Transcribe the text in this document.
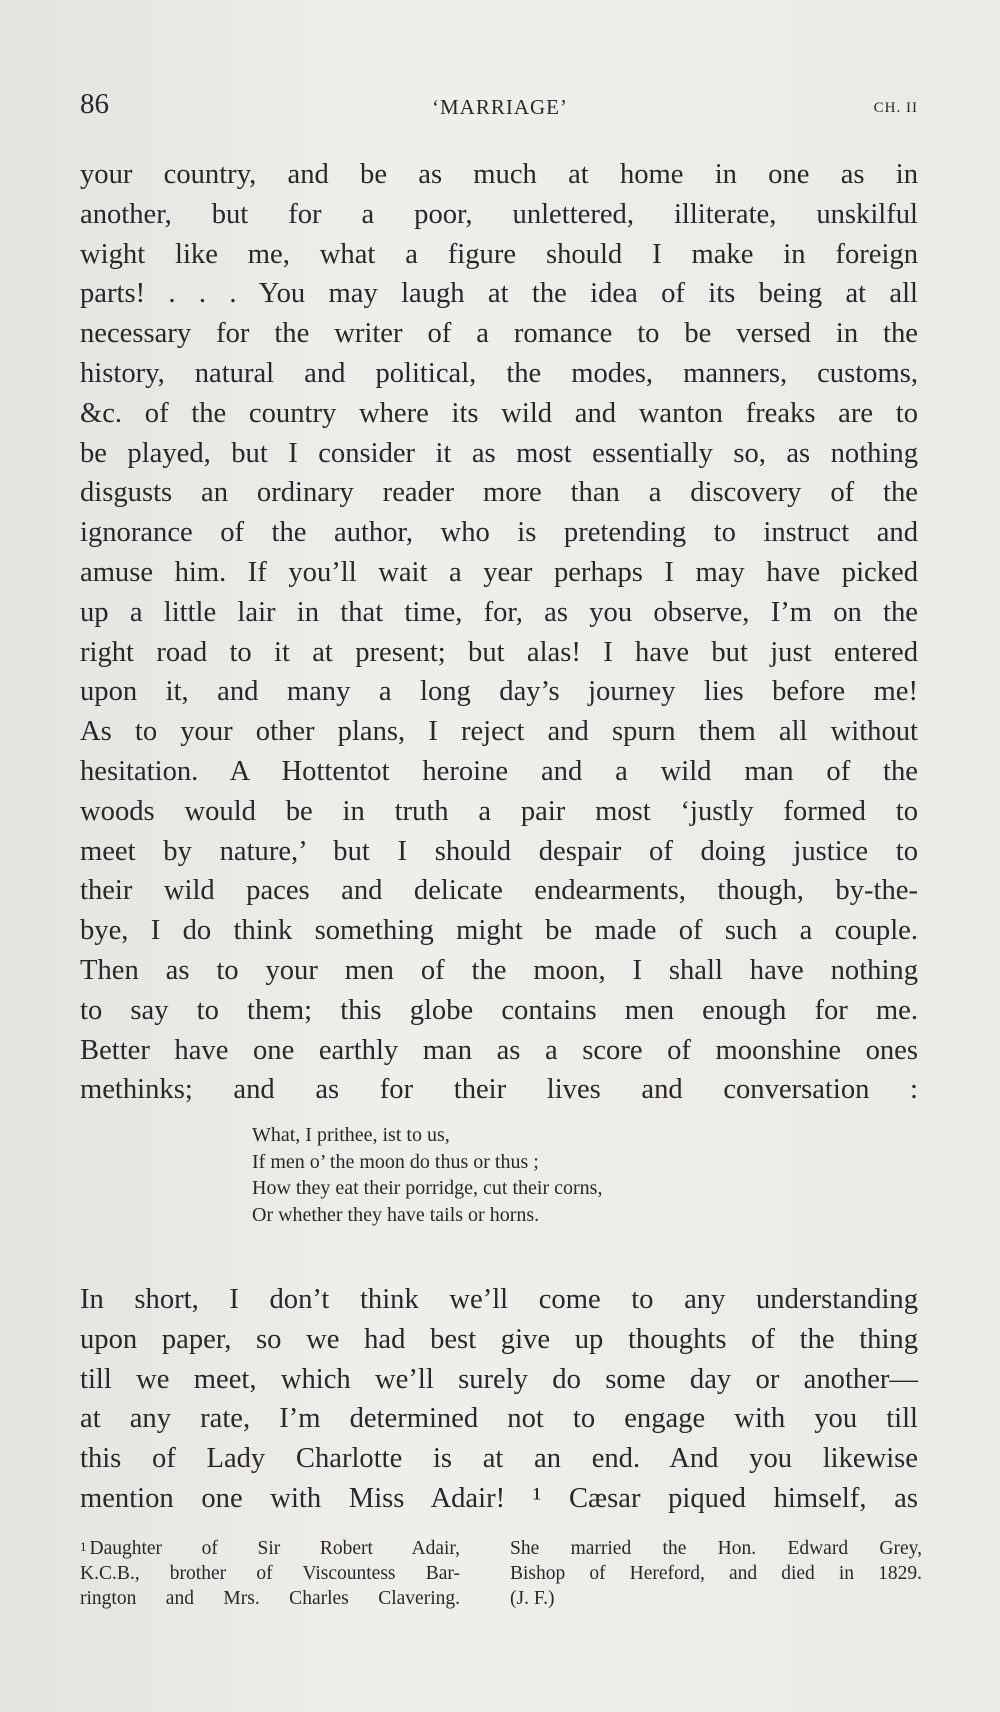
86	‘MARRIAGE’	CH. II
your country, and be as much at home in one as in
another, but for a poor, unlettered, illiterate, unskilful
wight like me, what a figure should I make in foreign
parts! . . . You may laugh at the idea of its being at all
necessary for the writer of a romance to be versed in the
history, natural and political, the modes, manners, customs,
&c. of the country where its wild and wanton freaks are to
be played, but I consider it as most essentially so, as nothing
disgusts an ordinary reader more than a discovery of the
ignorance of the author, who is pretending to instruct and
amuse him. If you’ll wait a year perhaps I may have picked
up a little lair in that time, for, as you observe, I’m on the
right road to it at present; but alas! I have but just entered
upon it, and many a long day’s journey lies before me!
As to your other plans, I reject and spurn them all without
hesitation. A Hottentot heroine and a wild man of the
woods would be in truth a pair most ‘justly formed to
meet by nature,’ but I should despair of doing justice to
their wild paces and delicate endearments, though, by-the-
bye, I do think something might be made of such a couple.
Then as to your men of the moon, I shall have nothing
to say to them; this globe contains men enough for me.
Better have one earthly man as a score of moonshine ones
methinks; and as for their lives and conversation :
What, I prithee, ist to us,
If men o’ the moon do thus or thus ;
How they eat their porridge, cut their corns,
Or whether they have tails or horns.
In short, I don’t think we’ll come to any understanding
upon paper, so we had best give up thoughts of the thing
till we meet, which we’ll surely do some day or another—
at any rate, I’m determined not to engage with you till
this of Lady Charlotte is at an end. And you likewise
mention one with Miss Adair! ¹ Cæsar piqued himself, as
$^1$ Daughter of Sir Robert Adair,
K.C.B., brother of Viscountess Bar-
rington and Mrs. Charles Clavering.
She married the Hon. Edward Grey,
Bishop of Hereford, and died in 1829.
(J. F.)
